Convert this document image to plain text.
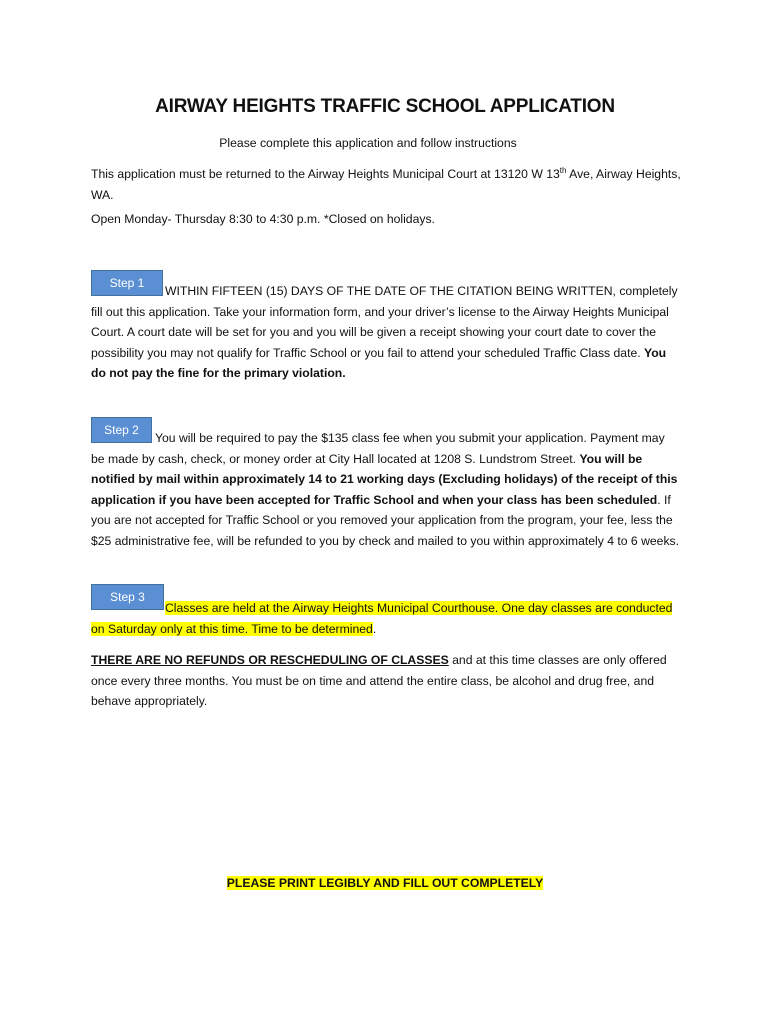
AIRWAY HEIGHTS TRAFFIC SCHOOL APPLICATION
Please complete this application and follow instructions
This application must be returned to the Airway Heights Municipal Court at 13120 W 13th Ave, Airway Heights, WA.
Open Monday- Thursday 8:30 to 4:30 p.m. *Closed on holidays.
Step 1
WITHIN FIFTEEN (15) DAYS OF THE DATE OF THE CITATION BEING WRITTEN, completely fill out this application. Take your information form, and your driver’s license to the Airway Heights Municipal Court. A court date will be set for you and you will be given a receipt showing your court date to cover the possibility you may not qualify for Traffic School or you fail to attend your scheduled Traffic Class date. You do not pay the fine for the primary violation.
Step 2
You will be required to pay the $135 class fee when you submit your application. Payment may be made by cash, check, or money order at City Hall located at 1208 S. Lundstrom Street. You will be notified by mail within approximately 14 to 21 working days (Excluding holidays) of the receipt of this application if you have been accepted for Traffic School and when your class has been scheduled. If you are not accepted for Traffic School or you removed your application from the program, your fee, less the $25 administrative fee, will be refunded to you by check and mailed to you within approximately 4 to 6 weeks.
Step 3
Classes are held at the Airway Heights Municipal Courthouse. One day classes are conducted on Saturday only at this time. Time to be determined.
THERE ARE NO REFUNDS OR RESCHEDULING OF CLASSES and at this time classes are only offered once every three months. You must be on time and attend the entire class, be alcohol and drug free, and behave appropriately.
PLEASE PRINT LEGIBLY AND FILL OUT COMPLETELY
